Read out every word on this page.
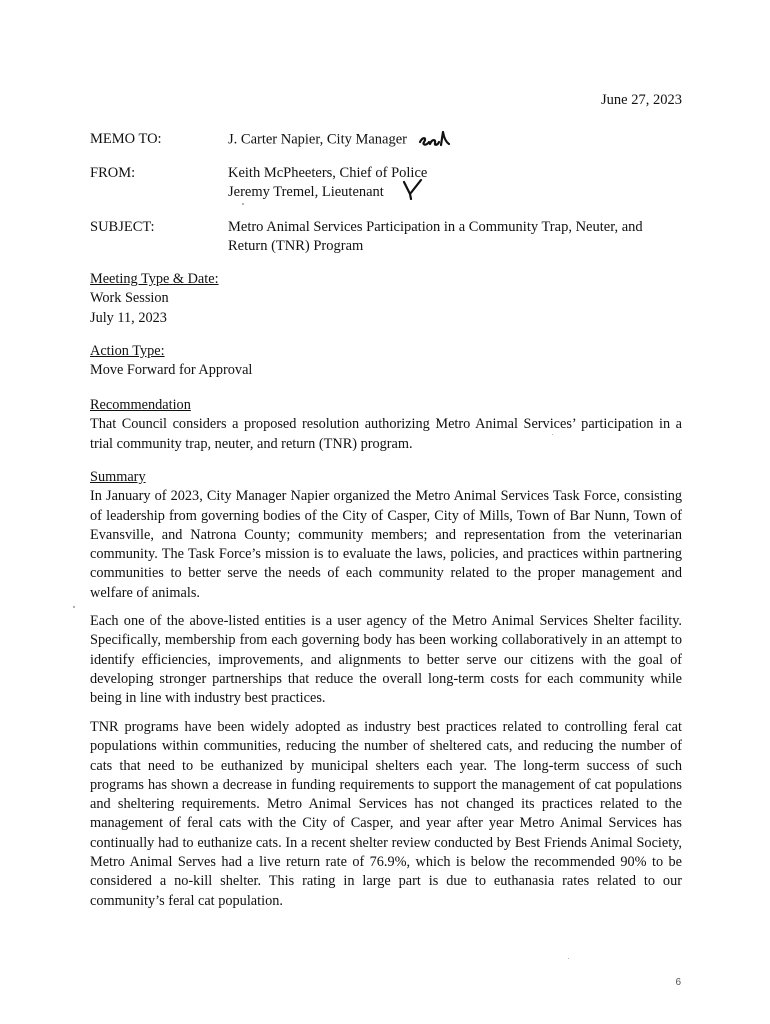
June 27, 2023
MEMO TO:	J. Carter Napier, City Manager
FROM:	Keith McPheeters, Chief of Police
Jeremy Tremel, Lieutenant
SUBJECT:	Metro Animal Services Participation in a Community Trap, Neuter, and
Return (TNR) Program
Meeting Type & Date:
Work Session
July 11, 2023
Action Type:
Move Forward for Approval
Recommendation

That Council considers a proposed resolution authorizing Metro Animal Services’ participation in a trial community trap, neuter, and return (TNR) program.

Summary

In January of 2023, City Manager Napier organized the Metro Animal Services Task Force, consisting of leadership from governing bodies of the City of Casper, City of Mills, Town of Bar Nunn, Town of Evansville, and Natrona County; community members; and representation from the veterinarian community. The Task Force’s mission is to evaluate the laws, policies, and practices within partnering communities to better serve the needs of each community related to the proper management and welfare of animals.

Each one of the above-listed entities is a user agency of the Metro Animal Services Shelter facility. Specifically, membership from each governing body has been working collaboratively in an attempt to identify efficiencies, improvements, and alignments to better serve our citizens with the goal of developing stronger partnerships that reduce the overall long-term costs for each community while being in line with industry best practices.

TNR programs have been widely adopted as industry best practices related to controlling feral cat populations within communities, reducing the number of sheltered cats, and reducing the number of cats that need to be euthanized by municipal shelters each year. The long-term success of such programs has shown a decrease in funding requirements to support the management of cat populations and sheltering requirements. Metro Animal Services has not changed its practices related to the management of feral cats with the City of Casper, and year after year Metro Animal Services has continually had to euthanize cats. In a recent shelter review conducted by Best Friends Animal Society, Metro Animal Serves had a live return rate of 76.9%, which is below the recommended 90% to be considered a no-kill shelter. This rating in large part is due to euthanasia rates related to our community’s feral cat population.

6
